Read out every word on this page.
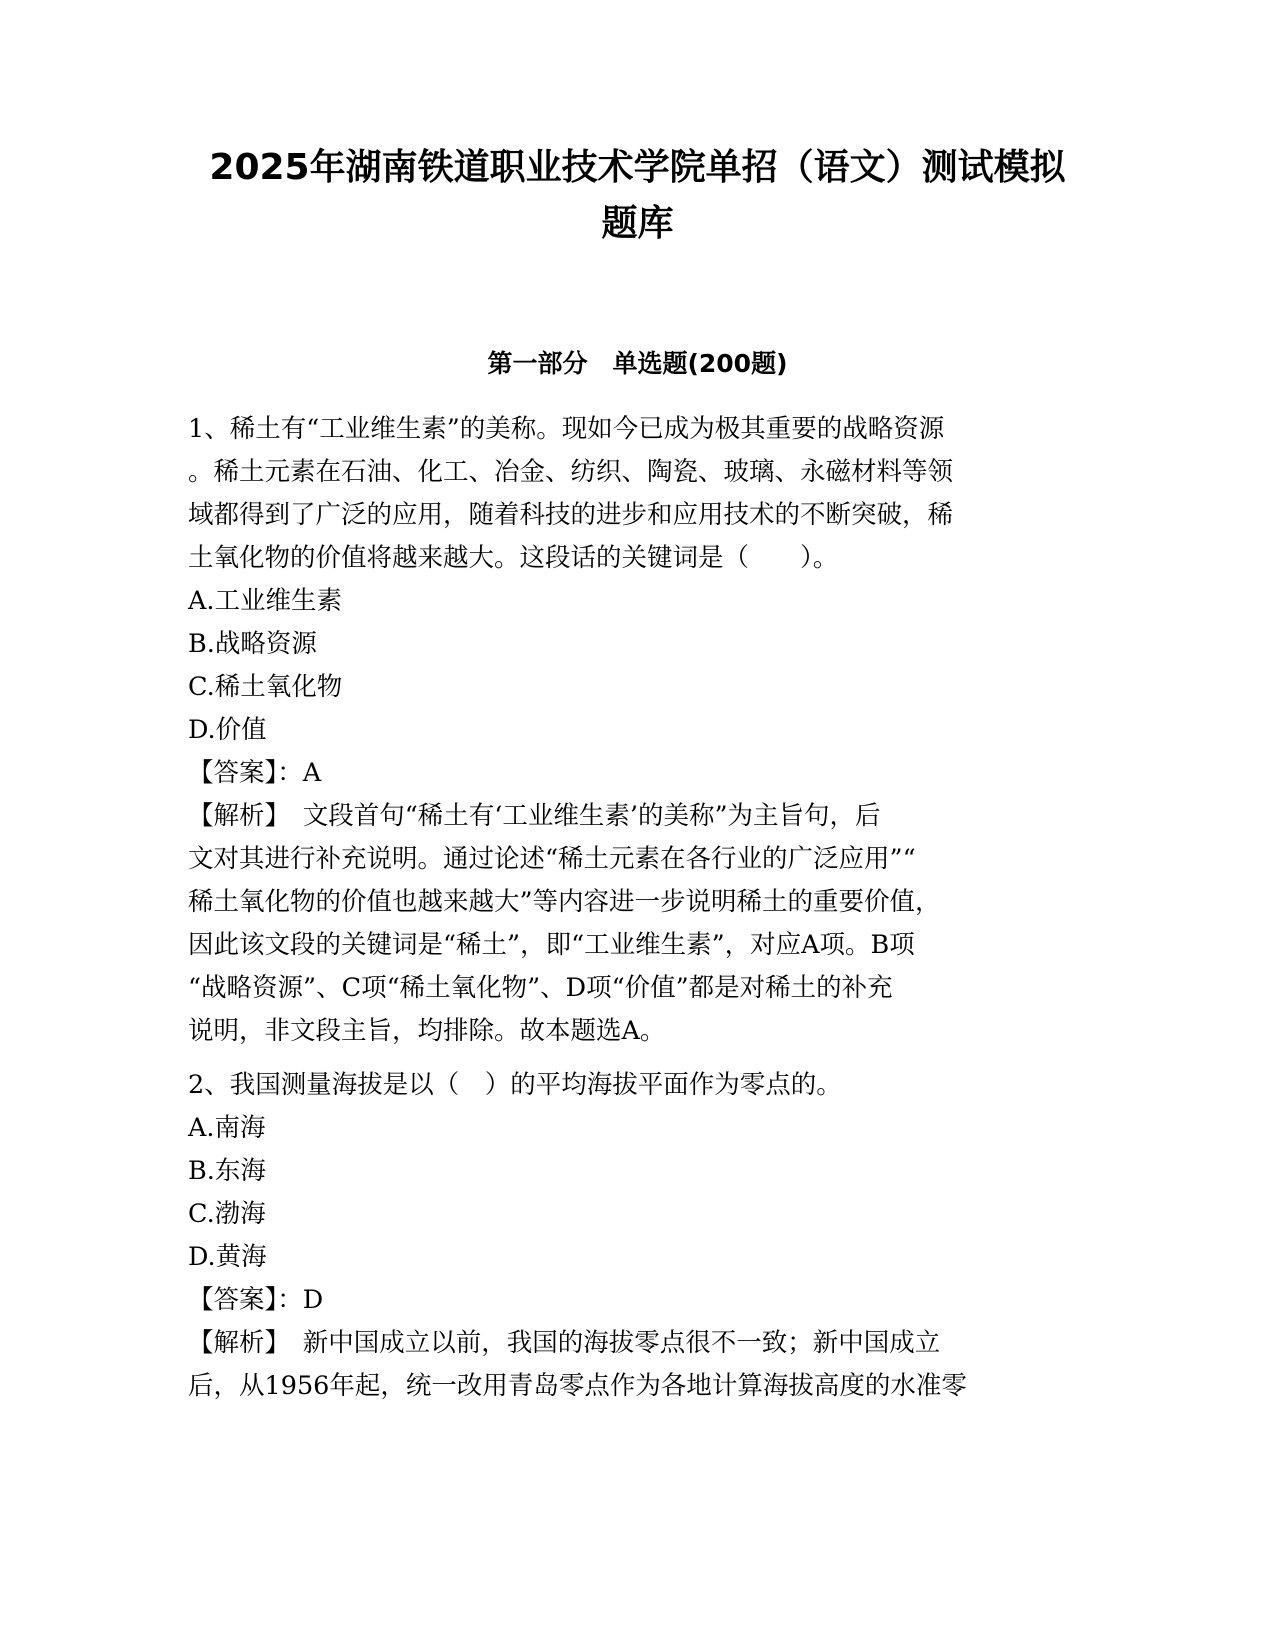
2025年湖南铁道职业技术学院单招（语文）测试模拟
题库
第一部分　单选题(200题)
1、稀土有“工业维生素”的美称。现如今已成为极其重要的战略资源
。稀土元素在石油、化工、冶金、纺织、陶瓷、玻璃、永磁材料等领
域都得到了广泛的应用，随着科技的进步和应用技术的不断突破，稀
土氧化物的价值将越来越大。这段话的关键词是（　　）。
A.工业维生素
B.战略资源
C.稀土氧化物
D.价值
【答案】：A
【解析】　文段首句“稀土有‘工业维生素’的美称”为主旨句，后
文对其进行补充说明。通过论述“稀土元素在各行业的广泛应用”“
稀土氧化物的价值也越来越大”等内容进一步说明稀土的重要价值，
因此该文段的关键词是“稀土”，即“工业维生素”，对应A项。B项
“战略资源”、C项“稀土氧化物”、D项“价值”都是对稀土的补充
说明，非文段主旨，均排除。故本题选A。
2、我国测量海拔是以（　）的平均海拔平面作为零点的。
A.南海
B.东海
C.渤海
D.黄海
【答案】：D
【解析】　新中国成立以前，我国的海拔零点很不一致；新中国成立
后，从1956年起，统一改用青岛零点作为各地计算海拔高度的水准零
